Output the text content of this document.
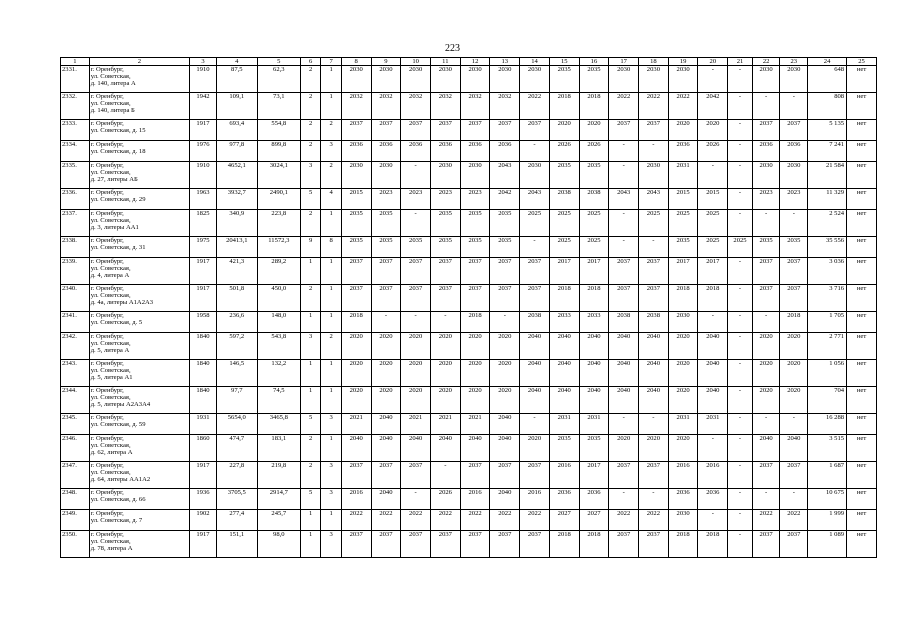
223
1	2	3	4	5	6	7	8	9	10	11	12	13	14	15	16	17	18	19	20	21	22	23	24	25
2331.	г. Оренбург,
ул. Советская,
д. 140, литера А	1910	87,5	62,3	2	1	2030	2030	2030	2030	2030	2030	2030	2035	2035	2030	2030	2030	-	-	2030	2030	648	нет
2332.	г. Оренбург,
ул. Советская,
д. 140, литера Б	1942	109,1	73,1	2	1	2032	2032	2032	2032	2032	2032	2022	2018	2018	2022	2022	2022	2042	-	-	-	808	нет
2333.	г. Оренбург,
ул. Советская, д. 15	1917	693,4	554,8	2	2	2037	2037	2037	2037	2037	2037	2037	2020	2020	2037	2037	2020	2020	-	2037	2037	5 135	нет
2334.	г. Оренбург,
ул. Советская, д. 18	1976	977,8	899,8	2	3	2036	2036	2036	2036	2036	2036	-	2026	2026	-	-	2036	2026	-	2036	2036	7 241	нет
2335.	г. Оренбург,
ул. Советская,
д. 27, литеры АБ	1910	4652,1	3024,1	3	2	2030	2030	-	2030	2030	2043	2030	2035	2035	-	2030	2031	-	-	2030	2030	21 584	нет
2336.	г. Оренбург,
ул. Советская, д. 29	1963	3932,7	2490,1	5	4	2015	2023	2023	2023	2023	2042	2043	2038	2038	2043	2043	2015	2015	-	2023	2023	11 329	нет
2337.	г. Оренбург,
ул. Советская,
д. 3, литеры АА1	1825	340,9	223,8	2	1	2035	2035	-	2035	2035	2035	2025	2025	2025	-	2025	2025	2025	-	-	-	2 524	нет
2338.	г. Оренбург,
ул. Советская, д. 31	1975	20413,1	11572,3	9	8	2035	2035	2035	2035	2035	2035	-	2025	2025	-	-	2035	2025	2025	2035	2035	35 556	нет
2339.	г. Оренбург,
ул. Советская,
д. 4, литера А	1917	421,3	289,2	1	1	2037	2037	2037	2037	2037	2037	2037	2017	2017	2037	2037	2017	2017	-	2037	2037	3 036	нет
2340.	г. Оренбург,
ул. Советская,
д. 4а, литеры А1А2А3	1917	501,8	450,0	2	1	2037	2037	2037	2037	2037	2037	2037	2018	2018	2037	2037	2018	2018	-	2037	2037	3 716	нет
2341.	г. Оренбург,
ул. Советская, д. 5	1958	236,6	148,0	1	1	2018	-	-	-	2018	-	2038	2033	2033	2038	2038	2030	-	-	-	2018	1 705	нет
2342.	г. Оренбург,
ул. Советская,
д. 5, литера А	1840	597,2	543,8	3	2	2020	2020	2020	2020	2020	2020	2040	2040	2040	2040	2040	2020	2040	-	2020	2020	2 771	нет
2343.	г. Оренбург,
ул. Советская,
д. 5, литера А1	1840	146,5	132,2	1	1	2020	2020	2020	2020	2020	2020	2040	2040	2040	2040	2040	2020	2040	-	2020	2020	1 056	нет
2344.	г. Оренбург,
ул. Советская,
д. 5, литеры А2А3А4	1840	97,7	74,5	1	1	2020	2020	2020	2020	2020	2020	2040	2040	2040	2040	2040	2020	2040	-	2020	2020	704	нет
2345.	г. Оренбург,
ул. Советская, д. 59	1931	5654,0	3465,8	5	3	2021	2040	2021	2021	2021	2040	-	2031	2031	-	-	2031	2031	-	-	-	16 288	нет
2346.	г. Оренбург,
ул. Советская,
д. 62, литера А	1860	474,7	183,1	2	1	2040	2040	2040	2040	2040	2040	2020	2035	2035	2020	2020	2020	-	-	2040	2040	3 515	нет
2347.	г. Оренбург,
ул. Советская,
д. 64, литеры АА1А2	1917	227,8	219,8	2	3	2037	2037	2037	-	2037	2037	2037	2016	2017	2037	2037	2016	2016	-	2037	2037	1 687	нет
2348.	г. Оренбург,
ул. Советская, д. 66	1936	3705,5	2914,7	5	3	2016	2040	-	2026	2016	2040	2016	2036	2036	-	-	2036	2036	-	-	-	10 675	нет
2349.	г. Оренбург,
ул. Советская, д. 7	1902	277,4	245,7	1	1	2022	2022	2022	2022	2022	2022	2022	2027	2027	2022	2022	2030	-	-	2022	2022	1 999	нет
2350.	г. Оренбург,
ул. Советская,
д. 78, литера А	1917	151,1	98,0	1	3	2037	2037	2037	2037	2037	2037	2037	2018	2018	2037	2037	2018	2018	-	2037	2037	1 089	нет
